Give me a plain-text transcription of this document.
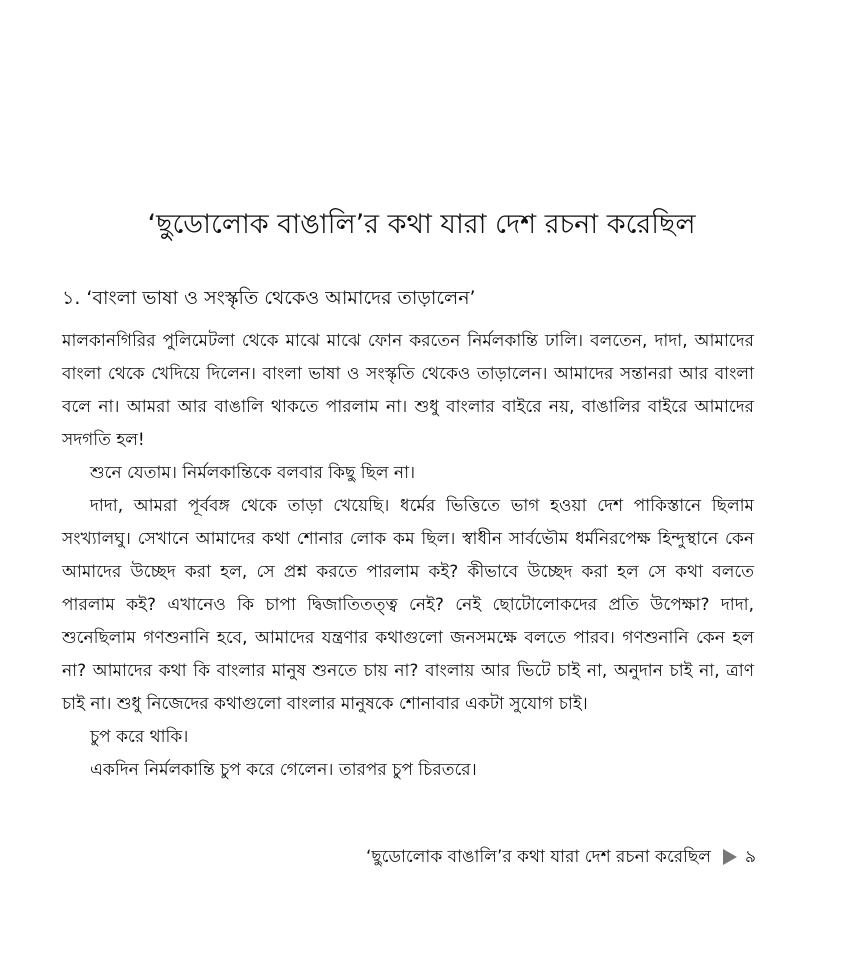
‘ছুডোলোক বাঙালি’র কথা যারা দেশ রচনা করেছিল
১. ‘বাংলা ভাষা ও সংস্কৃতি থেকেও আমাদের তাড়ালেন’

মালকানগিরির পুলিমেটলা থেকে মাঝে মাঝে ফোন করতেন নির্মলকান্তি ঢালি। বলতেন, দাদা, আমাদের বাংলা থেকে খেদিয়ে দিলেন। বাংলা ভাষা ও সংস্কৃতি থেকেও তাড়ালেন। আমাদের সন্তানরা আর বাংলা বলে না। আমরা আর বাঙালি থাকতে পারলাম না। শুধু বাংলার বাইরে নয়, বাঙালির বাইরে আমাদের সদগতি হল!

শুনে যেতাম। নির্মলকান্তিকে বলবার কিছু ছিল না।

দাদা, আমরা পূর্ববঙ্গ থেকে তাড়া খেয়েছি। ধর্মের ভিত্তিতে ভাগ হওয়া দেশ পাকিস্তানে ছিলাম সংখ্যালঘু। সেখানে আমাদের কথা শোনার লোক কম ছিল। স্বাধীন সার্বভৌম ধর্মনিরপেক্ষ হিন্দুস্থানে কেন আমাদের উচ্ছেদ করা হল, সে প্রশ্ন করতে পারলাম কই? কীভাবে উচ্ছেদ করা হল সে কথা বলতে পারলাম কই? এখানেও কি চাপা দ্বিজাতিতত্ত্ব নেই? নেই ছোটোলোকদের প্রতি উপেক্ষা? দাদা, শুনেছিলাম গণশুনানি হবে, আমাদের যন্ত্রণার কথাগুলো জনসমক্ষে বলতে পারব। গণশুনানি কেন হল না? আমাদের কথা কি বাংলার মানুষ শুনতে চায় না? বাংলায় আর ভিটে চাই না, অনুদান চাই না, ত্রাণ চাই না। শুধু নিজেদের কথাগুলো বাংলার মানুষকে শোনাবার একটা সুযোগ চাই।

চুপ করে থাকি।

একদিন নির্মলকান্তি চুপ করে গেলেন। তারপর চুপ চিরতরে।

‘ছুডোলোক বাঙালি’র কথা যারা দেশ রচনা করেছিল ৯
